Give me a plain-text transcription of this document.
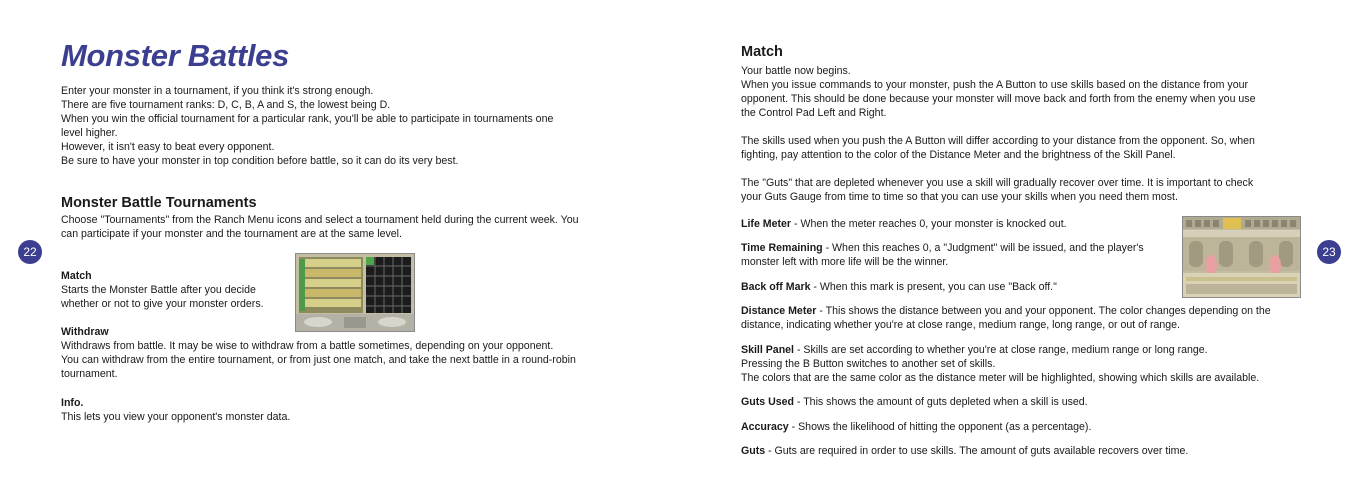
Monster Battles

Enter your monster in a tournament, if you think it's strong enough.

There are five tournament ranks: D, C, B, A and S, the lowest being D.

When you win the official tournament for a particular rank, you'll be able to participate in tournaments one

level higher.

However, it isn't easy to beat every opponent.

Be sure to have your monster in top condition before battle, so it can do its very best.

Monster Battle Tournaments

Choose "Tournaments" from the Ranch Menu icons and select a tournament held during the current week. You

can participate if your monster and the tournament are at the same level.

Match

Starts the Monster Battle after you decide

whether or not to give your monster orders.

Withdraw

Withdraws from battle. It may be wise to withdraw from a battle sometimes, depending on your opponent.

You can withdraw from the entire tournament, or from just one match, and take the next battle in a round-robin

tournament.

Info.

This lets you view your opponent's monster data.

22
Match

Your battle now begins.

When you issue commands to your monster, push the A Button to use skills based on the distance from your

opponent. This should be done because your monster will move back and forth from the enemy when you use

the Control Pad Left and Right.

The skills used when you push the A Button will differ according to your distance from the opponent. So, when

fighting, pay attention to the color of the Distance Meter and the brightness of the Skill Panel.

The "Guts" that are depleted whenever you use a skill will gradually recover over time. It is important to check

your Guts Gauge from time to time so that you can use your skills when you need them most.

Life Meter - When the meter reaches 0, your monster is knocked out.

Time Remaining - When this reaches 0, a "Judgment" will be issued, and the player's

monster left with more life will be the winner.

Back off Mark - When this mark is present, you can use "Back off."

Distance Meter - This shows the distance between you and your opponent. The color changes depending on the

distance, indicating whether you're at close range, medium range, long range, or out of range.

Skill Panel - Skills are set according to whether you're at close range, medium range or long range.

Pressing the B Button switches to another set of skills.

The colors that are the same color as the distance meter will be highlighted, showing which skills are available.

Guts Used - This shows the amount of guts depleted when a skill is used.

Accuracy - Shows the likelihood of hitting the opponent (as a percentage).

Guts - Guts are required in order to use skills. The amount of guts available recovers over time.

23
